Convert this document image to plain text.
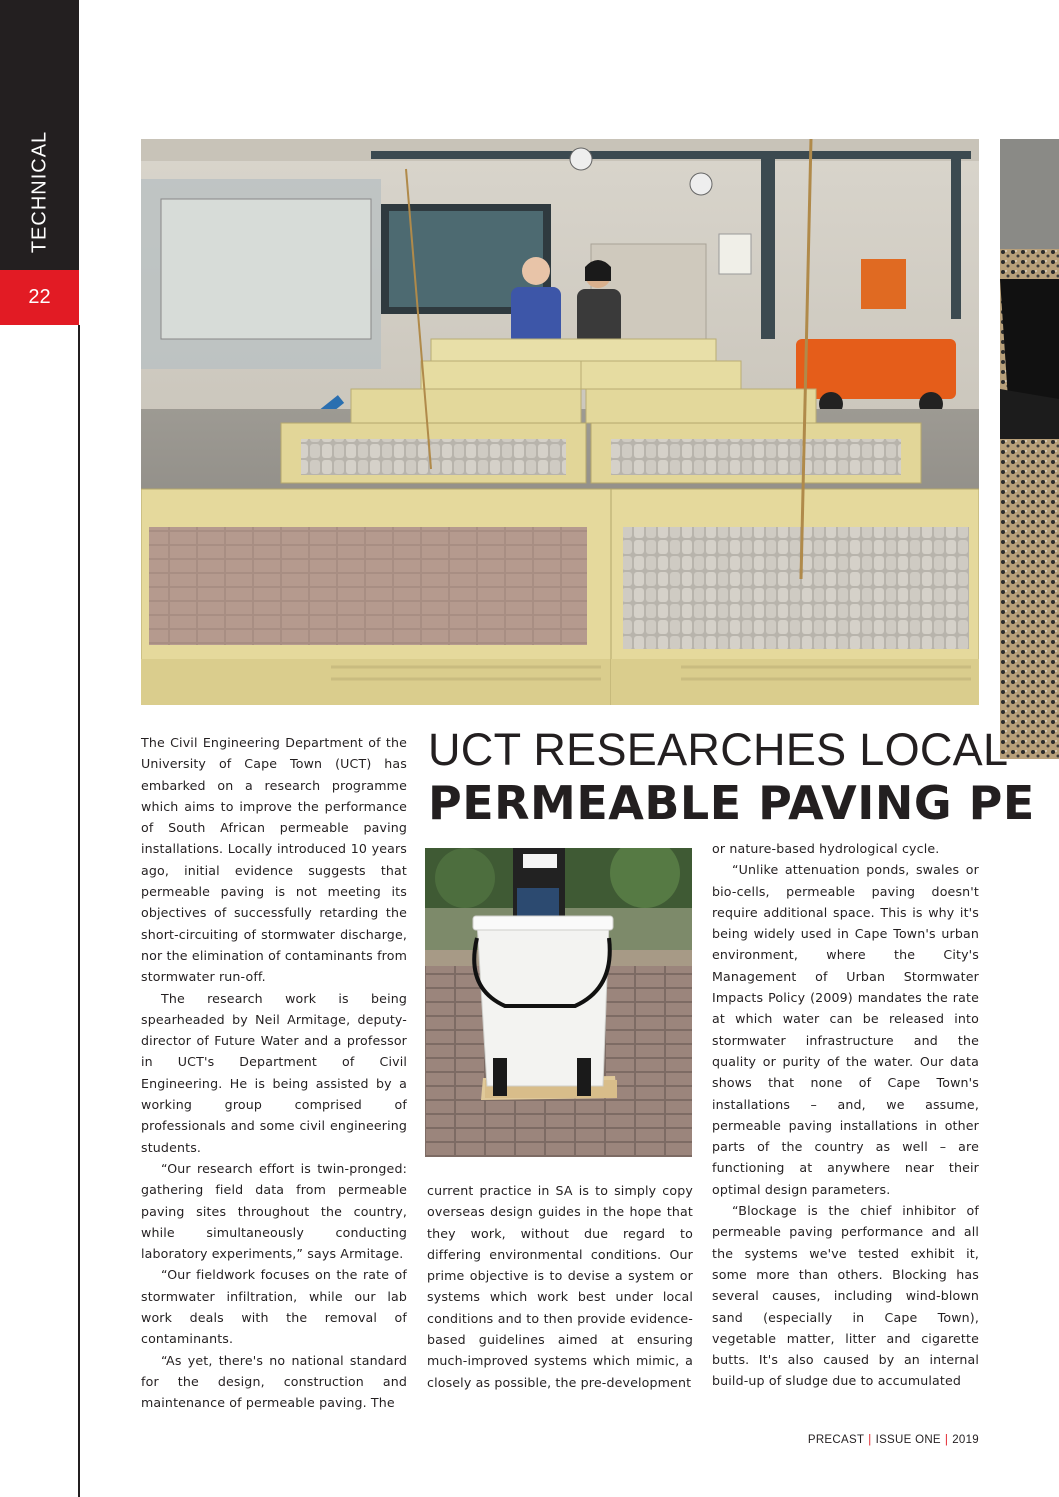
TECHNICAL
22
UCT RESEARCHES LOCAL
PERMEABLE PAVING PE

The Civil Engineering Department of the University of Cape Town (UCT) has embarked on a research programme which aims to improve the performance of South African permeable paving installations. Locally introduced 10 years ago, initial evidence suggests that permeable paving is not meeting its objectives of successfully retarding the short-circuiting of stormwater discharge, nor the elimination of contaminants from stormwater run-off.

The research work is being spearheaded by Neil Armitage, deputy-director of Future Water and a professor in UCT's Department of Civil Engineering. He is being assisted by a working group comprised of professionals and some civil engineering students.

“Our research effort is twin-pronged: gathering field data from permeable paving sites throughout the country, while simultaneously conducting laboratory experiments,” says Armitage.

“Our fieldwork focuses on the rate of stormwater infiltration, while our lab work deals with the removal of contaminants.

“As yet, there's no national standard for the design, construction and maintenance of permeable paving. The

current practice in SA is to simply copy overseas design guides in the hope that they work, without due regard to differing environmental conditions. Our prime objective is to devise a system or systems which work best under local conditions and to then provide evidence-based guidelines aimed at ensuring much-improved systems which mimic, a closely as possible, the pre-development

or nature-based hydrological cycle.

“Unlike attenuation ponds, swales or bio-cells, permeable paving doesn't require additional space. This is why it's being widely used in Cape Town's urban environment, where the City's Management of Urban Stormwater Impacts Policy (2009) mandates the rate at which water can be released into stormwater infrastructure and the quality or purity of the water. Our data shows that none of Cape Town's installations – and, we assume, permeable paving installations in other parts of the country as well – are functioning at anywhere near their optimal design parameters.

“Blockage is the chief inhibitor of permeable paving performance and all the systems we've tested exhibit it, some more than others. Blocking has several causes, including wind-blown sand (especially in Cape Town), vegetable matter, litter and cigarette butts. It's also caused by an internal build-up of sludge due to accumulated

PRECAST | ISSUE ONE | 2019
